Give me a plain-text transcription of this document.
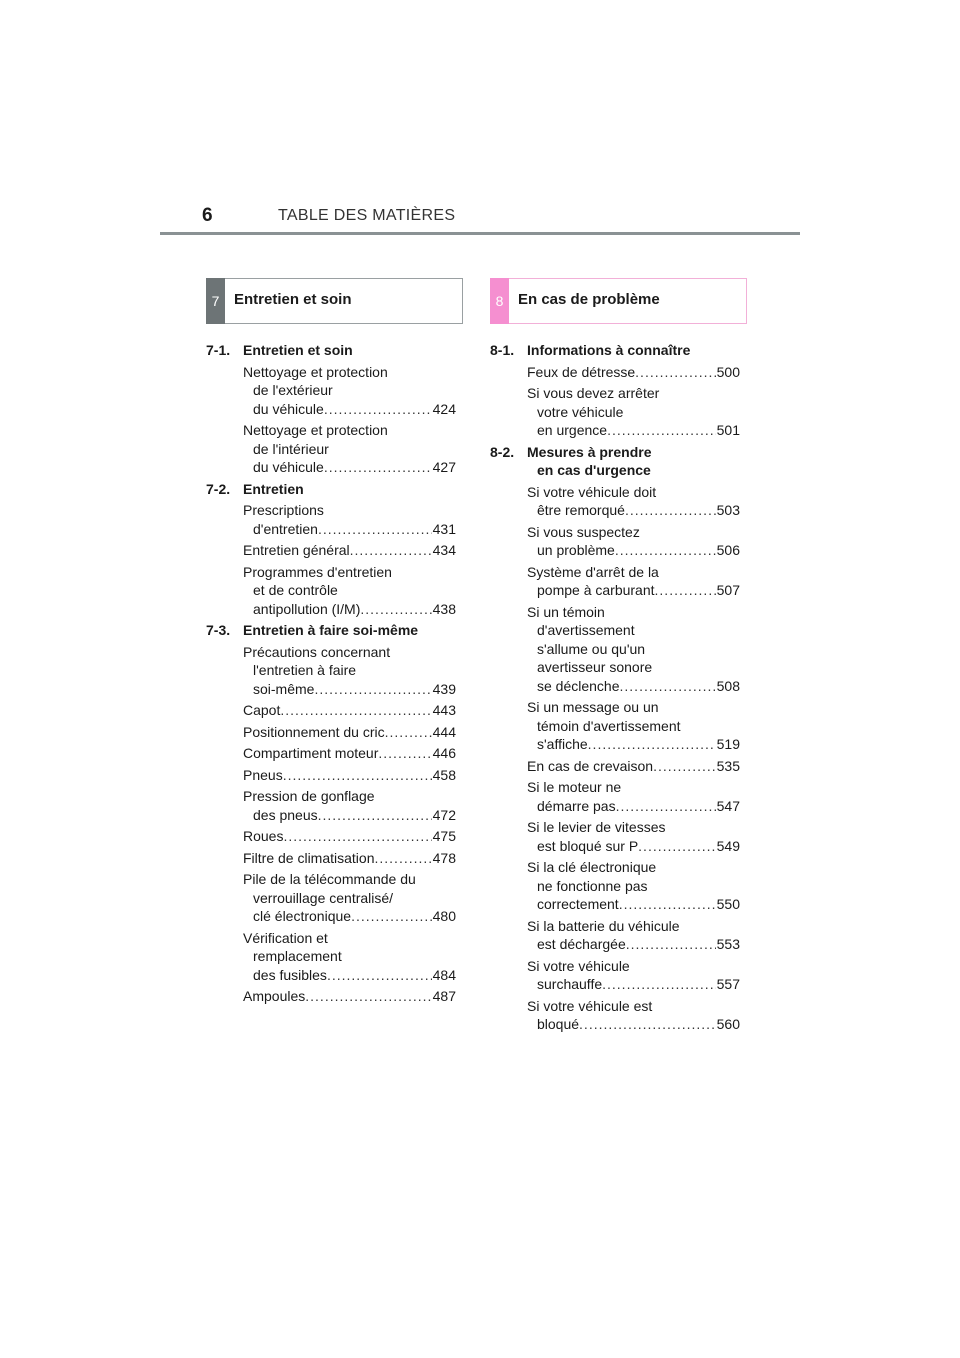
6	TABLE DES MATIÈRES
7 Entretien et soin	8 En cas de problème
7-1. Entretien et soin
Nettoyage et protection
de l'extérieur
du véhicule .....	424
Nettoyage et protection
de l'intérieur
du véhicule .....	427
7-2. Entretien
Prescriptions
d'entretien .....	431
Entretien général .....	434
Programmes d'entretien
et de contrôle
antipollution (I/M) .....	438
7-3. Entretien à faire soi-même
Précautions concernant
l'entretien à faire
soi-même .....	439
Capot .....	443
Positionnement du cric .....	444
Compartiment moteur .....	446
Pneus .....	458
Pression de gonflage
des pneus .....	472
Roues .....	475
Filtre de climatisation .....	478
Pile de la télécommande du
verrouillage centralisé/
clé électronique .....	480
Vérification et
remplacement
des fusibles .....	484
Ampoules .....	487
8-1. Informations à connaître
Feux de détresse .....	500
Si vous devez arrêter
votre véhicule
en urgence .....	501
8-2. Mesures à prendre
en cas d'urgence
Si votre véhicule doit
être remorqué .....	503
Si vous suspectez
un problème .....	506
Système d'arrêt de la
pompe à carburant .....	507
Si un témoin
d'avertissement
s'allume ou qu'un
avertisseur sonore
se déclenche .....	508
Si un message ou un
témoin d'avertissement
s'affiche .....	519
En cas de crevaison .....	535
Si le moteur ne
démarre pas .....	547
Si le levier de vitesses
est bloqué sur P .....	549
Si la clé électronique
ne fonctionne pas
correctement .....	550
Si la batterie du véhicule
est déchargée .....	553
Si votre véhicule
surchauffe .....	557
Si votre véhicule est
bloqué .....	560
